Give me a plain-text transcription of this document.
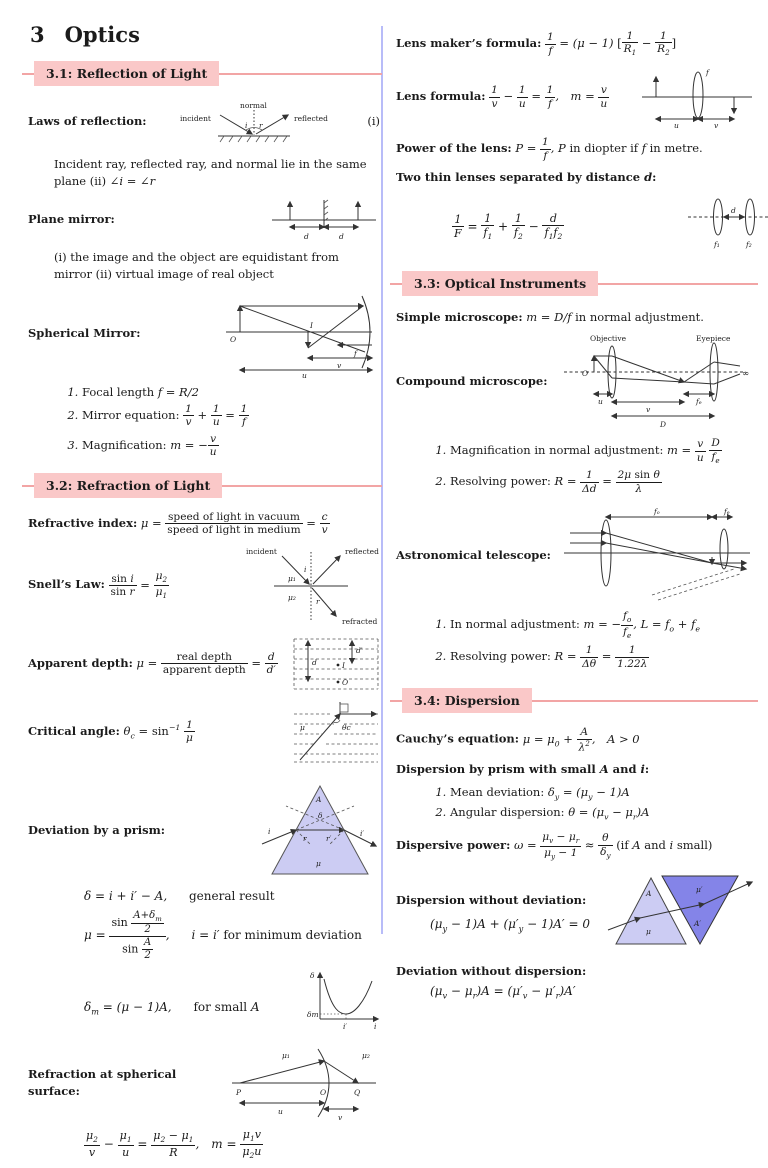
3 Optics
3.1: Reflection of Light
Laws of reflection:
normal
incident	reflected
i r	(i)
Incident ray, reflected ray, and normal lie in the same plane (ii) ∠i = ∠r
Plane mirror:
d	d
(i) the image and the object are equidistant from mirror (ii) virtual image of real object
Spherical Mirror:	O
I
f
v
u
1. Focal length f = R/2
2. Mirror equation: $\frac{1}{v} + \frac{1}{u} = \frac{1}{f}$
3. Magnification: m = − $\frac{v}{u}$
3.2: Refraction of Light
Refractive index: $\mu = \frac{\text{speed of light in vacuum}}{\text{speed of light in medium}} = \frac{c}{v}$
Snell’s Law: $\frac{\text{sin i}}{\text{sin r}} = \frac{\mu_2}{\mu_1}$
incident	reflected
refracted
μ₁
μ₂
i
r
Apparent depth: $\mu = \frac{\text{real depth}}{\text{apparent depth}} = \frac{d}{d'}$	d
d′
I
O
Critical angle: $\theta_c = \sin^{-1} \frac{1}{\mu}$	μ	θc
Deviation by a prism:
A
i
r	r′
i′
δ
μ
δ = i + i′ − A, general result
$\mu = \frac{\sin \frac{A+\delta_m}{2}}{\sin \frac{A}{2}}$ , i = i′ for minimum deviation
$\delta_m = (\mu - 1)A$, for small A
δ
δm
i′	i
Refraction at spherical surface:
μ₁	μ₂
P	O	Q
u
v
$\frac{\mu_2}{v} - \frac{\mu_1}{u} = \frac{\mu_2 - \mu_1}{R}$ , $m = \frac{\mu_1v}{\mu_2u}$
Lens maker’s formula: $\frac{1}{f} = (\mu - 1)$ [ $\frac{1}{R_1} - \frac{1}{R_2}$ ]
Lens formula: $\frac{1}{v} - \frac{1}{u} = \frac{1}{f}$ , $m = \frac{v}{u}$
f
u	v
Power of the lens: $P = \frac{1}{f}$ , P in diopter if f in metre.
Two thin lenses separated by distance d:
$\frac{1}{F} = \frac{1}{f_1} + \frac{1}{f_2} - \frac{d}{f_1f_2}$
d
f₁	f₂
3.3: Optical Instruments
Simple microscope: m = D/f in normal adjustment.
Compound microscope:
Objective	Eyepiece
O	∞
u
v
fₑ
D
1. Magnification in normal adjustment: $m = \frac{v}{u}$
$\frac{D}{f_e}$
2. Resolving power: $R = \frac{1}{\Delta d} = \frac{\text{2μ sin θ}}{\lambda}$
Astronomical telescope:
fₒ	fₑ
1. In normal adjustment: m = − $\frac{f_o}{f_e}$ , $L = f_o + f_e$
2. Resolving power: $R = \frac{1}{\Delta\theta} = \frac{1}{1.22\lambda}$
3.4: Dispersion
Cauchy’s equation: $\mu = \mu_0 + \frac{A}{\lambda^2}$ , A > 0
Dispersion by prism with small A and i:
1. Mean deviation: $\delta_y = (\mu_y - 1)A$
2. Angular dispersion: $\theta = (\mu_v - \mu_r)A$
Dispersive power: $\omega = \frac{\mu_v - \mu_r}{\mu_y - 1} \approx \frac{\theta}{\delta_y} (if$ A and i small)
Dispersion without deviation:
$(\mu_y - 1)A + (\mu'_y - 1)A' = 0$
A
μ
μ′
A′
Deviation without dispersion:
$(\mu_v - \mu_r)A = (\mu'_v - \mu'_r)A'$
